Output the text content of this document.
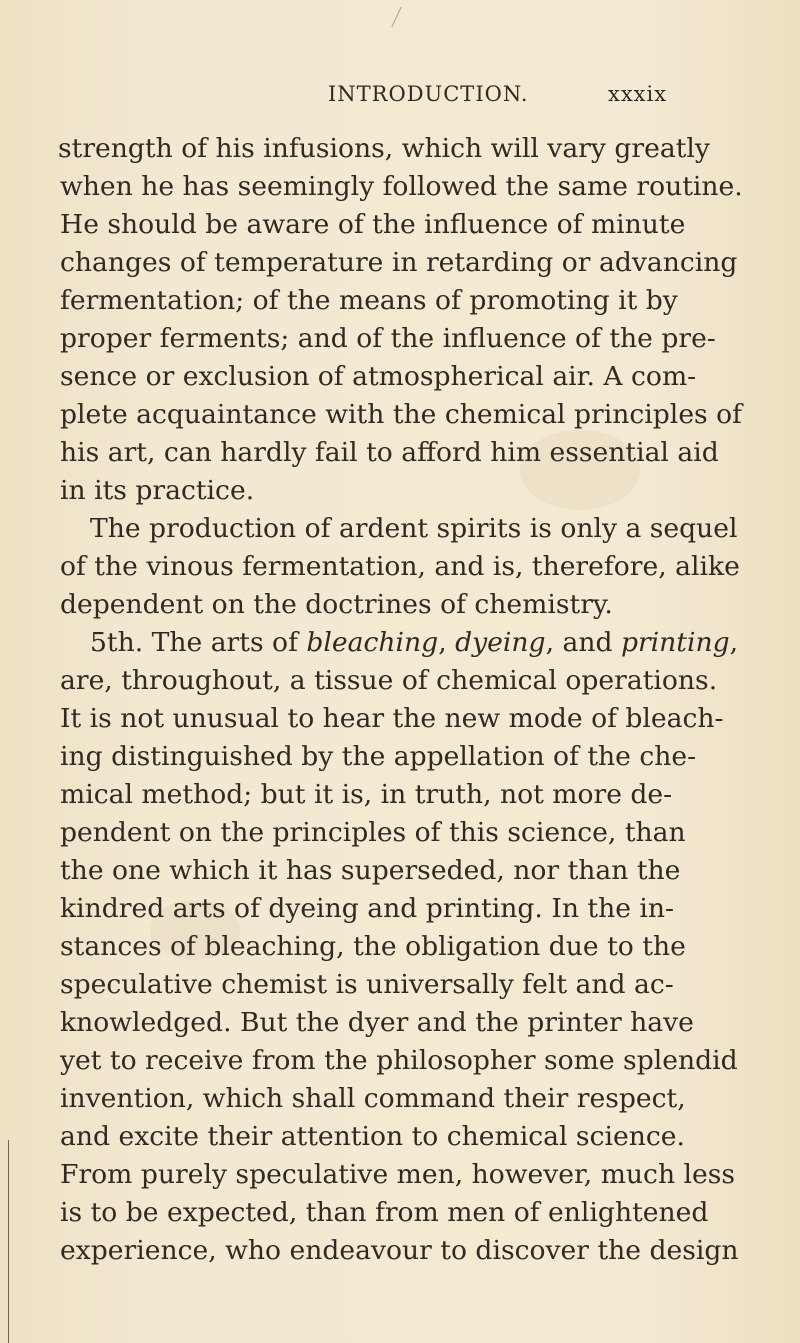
INTRODUCTION.	xxxix
strength of his infusions, which will vary greatly
when he has seemingly followed the same routine.
He should be aware of the influence of minute
changes of temperature in retarding or advancing
fermentation; of the means of promoting it by
proper ferments; and of the influence of the pre-
sence or exclusion of atmospherical air. A com-
plete acquaintance with the chemical principles of
his art, can hardly fail to afford him essential aid
in its practice.
The production of ardent spirits is only a sequel
of the vinous fermentation, and is, therefore, alike
dependent on the doctrines of chemistry.
5th. The arts of bleaching, dyeing, and printing,
are, throughout, a tissue of chemical operations.
It is not unusual to hear the new mode of bleach-
ing distinguished by the appellation of the che-
mical method; but it is, in truth, not more de-
pendent on the principles of this science, than
the one which it has superseded, nor than the
kindred arts of dyeing and printing. In the in-
stances of bleaching, the obligation due to the
speculative chemist is universally felt and ac-
knowledged. But the dyer and the printer have
yet to receive from the philosopher some splendid
invention, which shall command their respect,
and excite their attention to chemical science.
From purely speculative men, however, much less
is to be expected, than from men of enlightened
experience, who endeavour to discover the design
